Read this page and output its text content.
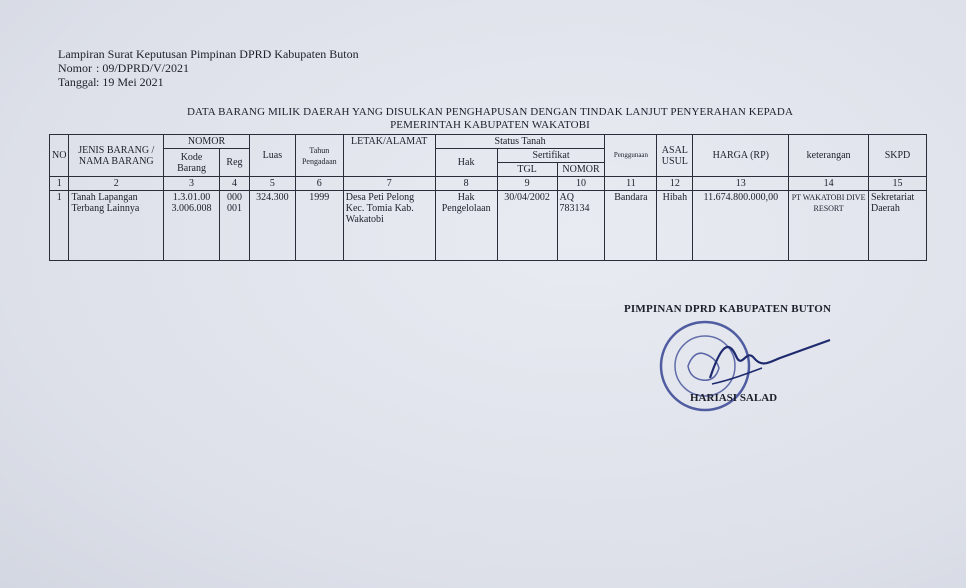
Lampiran Surat Keputusan Pimpinan DPRD Kabupaten Buton
Nomor : 09/DPRD/V/2021
Tanggal : 19 Mei 2021
DATA BARANG MILIK DAERAH YANG DISULKAN PENGHAPUSAN DENGAN TINDAK LANJUT PENYERAHAN KEPADA
PEMERINTAH KABUPATEN WAKATOBI
NO	JENIS BARANG / NAMA BARANG	NOMOR		Luas	Tahun Pengadaan	LETAK/ALAMAT	Status Tanah			Penggunaan	ASAL USUL	HARGA (RP)	keterangan	SKPD
		Kode Barang	Reg				Hak	Sertifikat						
								TGL	NOMOR					
1	2	3	4	5	6	7	8	9	10	11	12	13	14	15
1	Tanah Lapangan Terbang Lainnya	1.3.01.00 3.006.008	000 001	324.300	1999	Desa Peti Pelong Kec. Tomia Kab. Wakatobi	Hak Pengelolaan	30/04/2002	AQ 783134	Bandara	Hibah	11.674.800.000,00	PT WAKATOBI DIVE RESORT	Sekretariat Daerah
PIMPINAN DPRD KABUPATEN BUTON
HARIASI SALAD
